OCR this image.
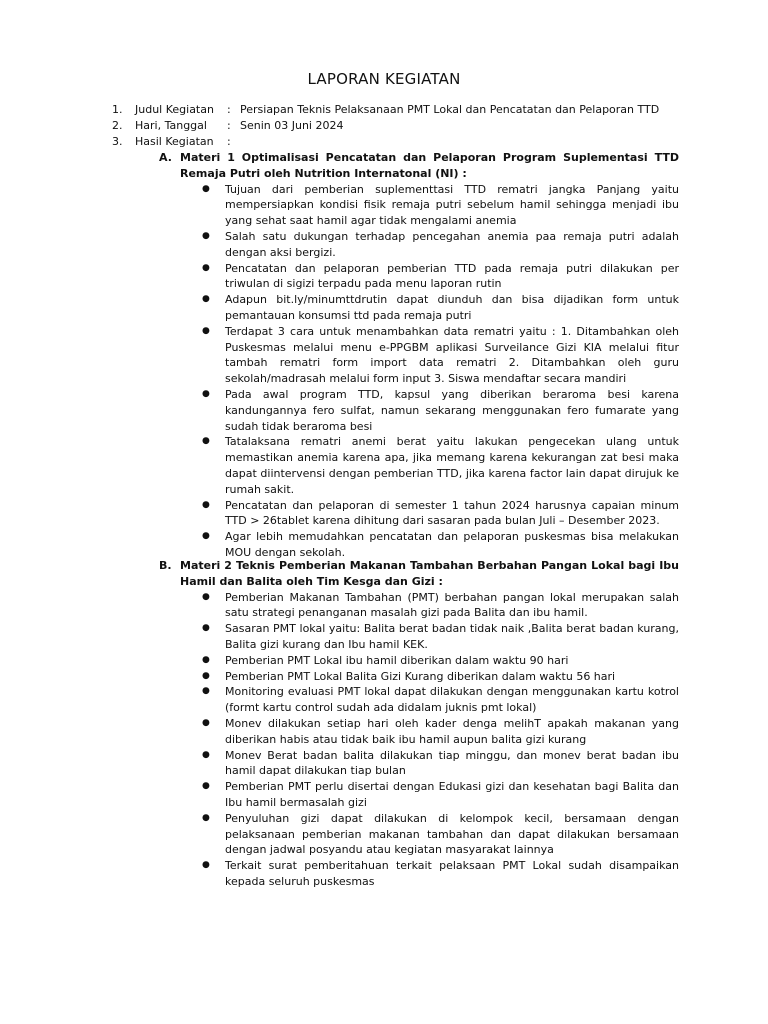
LAPORAN KEGIATAN
1.	Judul Kegiatan	: Persiapan Teknis Pelaksanaan PMT Lokal dan Pencatatan dan Pelaporan TTD
2.	Hari, Tanggal	: Senin 03 Juni 2024
3.	Hasil Kegiatan	:
A. Materi 1 Optimalisasi Pencatatan dan Pelaporan Program Suplementasi TTD Remaja Putri oleh Nutrition Internatonal (NI) :
●	Tujuan dari pemberian suplementtasi TTD rematri jangka Panjang yaitu mempersiapkan kondisi fisik remaja putri sebelum hamil sehingga menjadi ibu yang sehat saat hamil agar tidak mengalami anemia
●	Salah satu dukungan terhadap pencegahan anemia paa remaja putri adalah dengan aksi bergizi.
●	Pencatatan dan pelaporan pemberian TTD pada remaja putri dilakukan per triwulan di sigizi terpadu pada menu laporan rutin
●	Adapun bit.ly/minumttdrutin dapat diunduh dan bisa dijadikan form untuk pemantauan konsumsi ttd pada remaja putri
●	Terdapat 3 cara untuk menambahkan data rematri yaitu : 1. Ditambahkan oleh Puskesmas melalui menu e-PPGBM aplikasi Surveilance Gizi KIA melalui fitur tambah rematri form import data rematri 2. Ditambahkan oleh guru sekolah/madrasah melalui form input 3. Siswa mendaftar secara mandiri
●	Pada awal program TTD, kapsul yang diberikan beraroma besi karena kandungannya fero sulfat, namun sekarang menggunakan fero fumarate yang sudah tidak beraroma besi
●	Tatalaksana rematri anemi berat yaitu lakukan pengecekan ulang untuk memastikan anemia karena apa, jika memang karena kekurangan zat besi maka dapat diintervensi dengan pemberian TTD, jika karena factor lain dapat dirujuk ke rumah sakit.
●	Pencatatan dan pelaporan di semester 1 tahun 2024 harusnya capaian minum TTD > 26tablet karena dihitung dari sasaran pada bulan Juli – Desember 2023.
●	Agar lebih memudahkan pencatatan dan pelaporan puskesmas bisa melakukan MOU dengan sekolah.
B. Materi 2 Teknis Pemberian Makanan Tambahan Berbahan Pangan Lokal bagi Ibu Hamil dan Balita oleh Tim Kesga dan Gizi :
●	Pemberian Makanan Tambahan (PMT) berbahan pangan lokal merupakan salah satu strategi penanganan masalah gizi pada Balita dan ibu hamil.
●	Sasaran PMT lokal yaitu: Balita berat badan tidak naik ,Balita berat badan kurang, Balita gizi kurang dan Ibu hamil KEK.
●	Pemberian PMT Lokal ibu hamil diberikan dalam waktu 90 hari
●	Pemberian PMT Lokal Balita Gizi Kurang diberikan dalam waktu 56 hari
●	Monitoring evaluasi PMT lokal dapat dilakukan dengan menggunakan kartu kotrol (formt kartu control sudah ada didalam juknis pmt lokal)
●	Monev dilakukan setiap hari oleh kader denga melihT apakah makanan yang diberikan habis atau tidak baik ibu hamil aupun balita gizi kurang
●	Monev Berat badan balita dilakukan tiap minggu, dan monev berat badan ibu hamil dapat dilakukan tiap bulan
●	Pemberian PMT perlu disertai dengan Edukasi gizi dan kesehatan bagi Balita dan Ibu hamil bermasalah gizi
●	Penyuluhan gizi dapat dilakukan di kelompok kecil, bersamaan dengan pelaksanaan pemberian makanan tambahan dan dapat dilakukan bersamaan dengan jadwal posyandu atau kegiatan masyarakat lainnya
●	Terkait surat pemberitahuan terkait pelaksaan PMT Lokal sudah disampaikan kepada seluruh puskesmas
